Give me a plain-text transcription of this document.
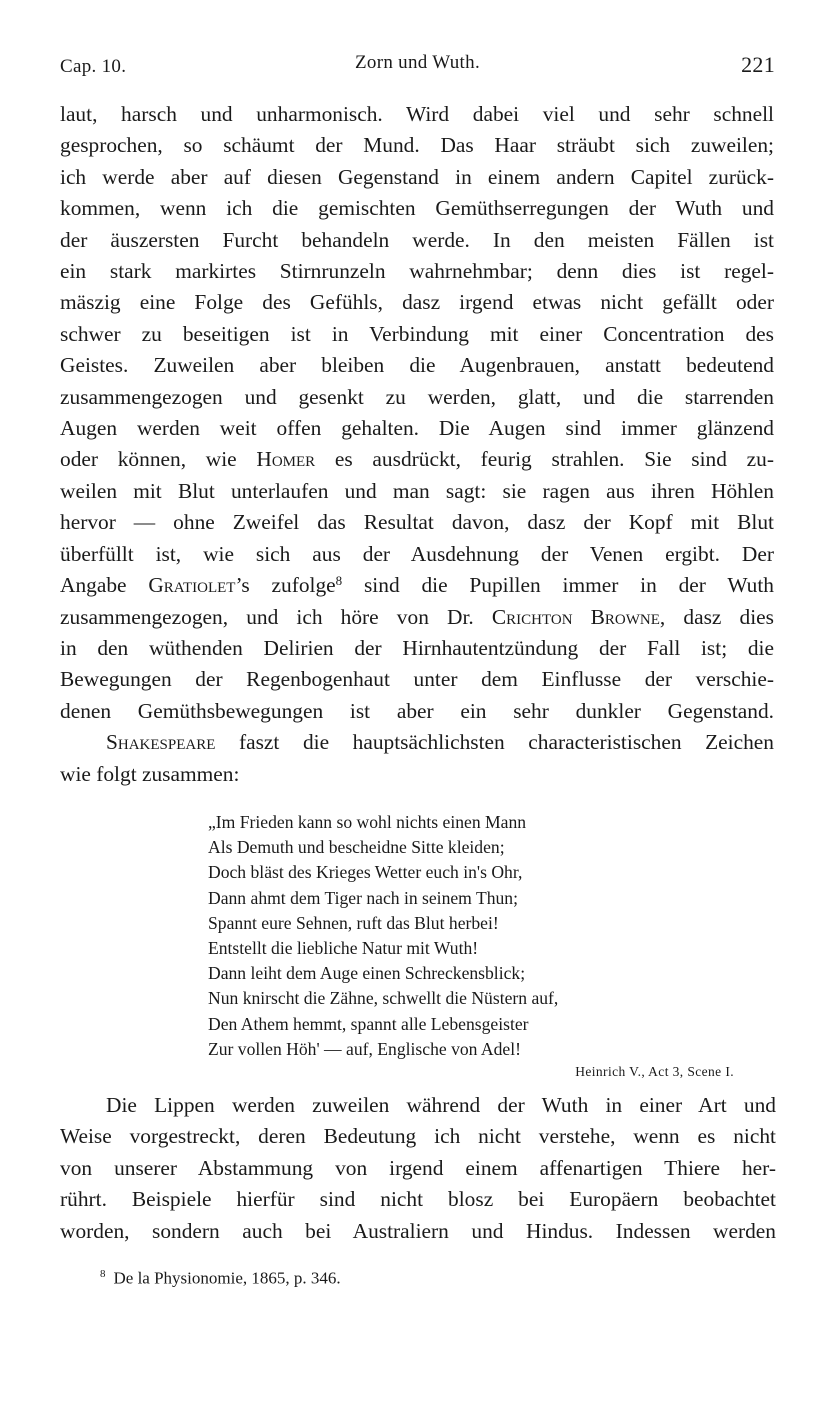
Cap. 10.	Zorn und Wuth.	221
laut, harsch und unharmonisch. Wird dabei viel und sehr schnell
gesprochen, so schäumt der Mund. Das Haar sträubt sich zuweilen;
ich werde aber auf diesen Gegenstand in einem andern Capitel zurück-
kommen, wenn ich die gemischten Gemüthserregungen der Wuth und
der äuszersten Furcht behandeln werde. In den meisten Fällen ist
ein stark markirtes Stirnrunzeln wahrnehmbar; denn dies ist regel-
mäszig eine Folge des Gefühls, dasz irgend etwas nicht gefällt oder
schwer zu beseitigen ist in Verbindung mit einer Concentration des
Geistes. Zuweilen aber bleiben die Augenbrauen, anstatt bedeutend
zusammengezogen und gesenkt zu werden, glatt, und die starrenden
Augen werden weit offen gehalten. Die Augen sind immer glänzend
oder können, wie Homer es ausdrückt, feurig strahlen. Sie sind zu-
weilen mit Blut unterlaufen und man sagt: sie ragen aus ihren Höhlen
hervor — ohne Zweifel das Resultat davon, dasz der Kopf mit Blut
überfüllt ist, wie sich aus der Ausdehnung der Venen ergibt. Der
Angabe Gratiolet’s zufolge$^8$ sind die Pupillen immer in der Wuth
zusammengezogen, und ich höre von Dr. Crichton Browne, dasz dies
in den wüthenden Delirien der Hirnhautentzündung der Fall ist; die
Bewegungen der Regenbogenhaut unter dem Einflusse der verschie-
denen Gemüthsbewegungen ist aber ein sehr dunkler Gegenstand.
Shakespeare faszt die hauptsächlichsten characteristischen Zeichen
wie folgt zusammen:
„Im Frieden kann so wohl nichts einen Mann
Als Demuth und bescheidne Sitte kleiden;
Doch bläst des Krieges Wetter euch in's Ohr,
Dann ahmt dem Tiger nach in seinem Thun;
Spannt eure Sehnen, ruft das Blut herbei!
Entstellt die liebliche Natur mit Wuth!
Dann leiht dem Auge einen Schreckensblick;
Nun knirscht die Zähne, schwellt die Nüstern auf,
Den Athem hemmt, spannt alle Lebensgeister
Zur vollen Höh' — auf, Englische von Adel!
Heinrich V., Act 3, Scene I.
Die Lippen werden zuweilen während der Wuth in einer Art und
Weise vorgestreckt, deren Bedeutung ich nicht verstehe, wenn es nicht
von unserer Abstammung von irgend einem affenartigen Thiere her-
rührt. Beispiele hierfür sind nicht blosz bei Europäern beobachtet
worden, sondern auch bei Australiern und Hindus. Indessen werden
$^8$ De la Physionomie, 1865, p. 346.
